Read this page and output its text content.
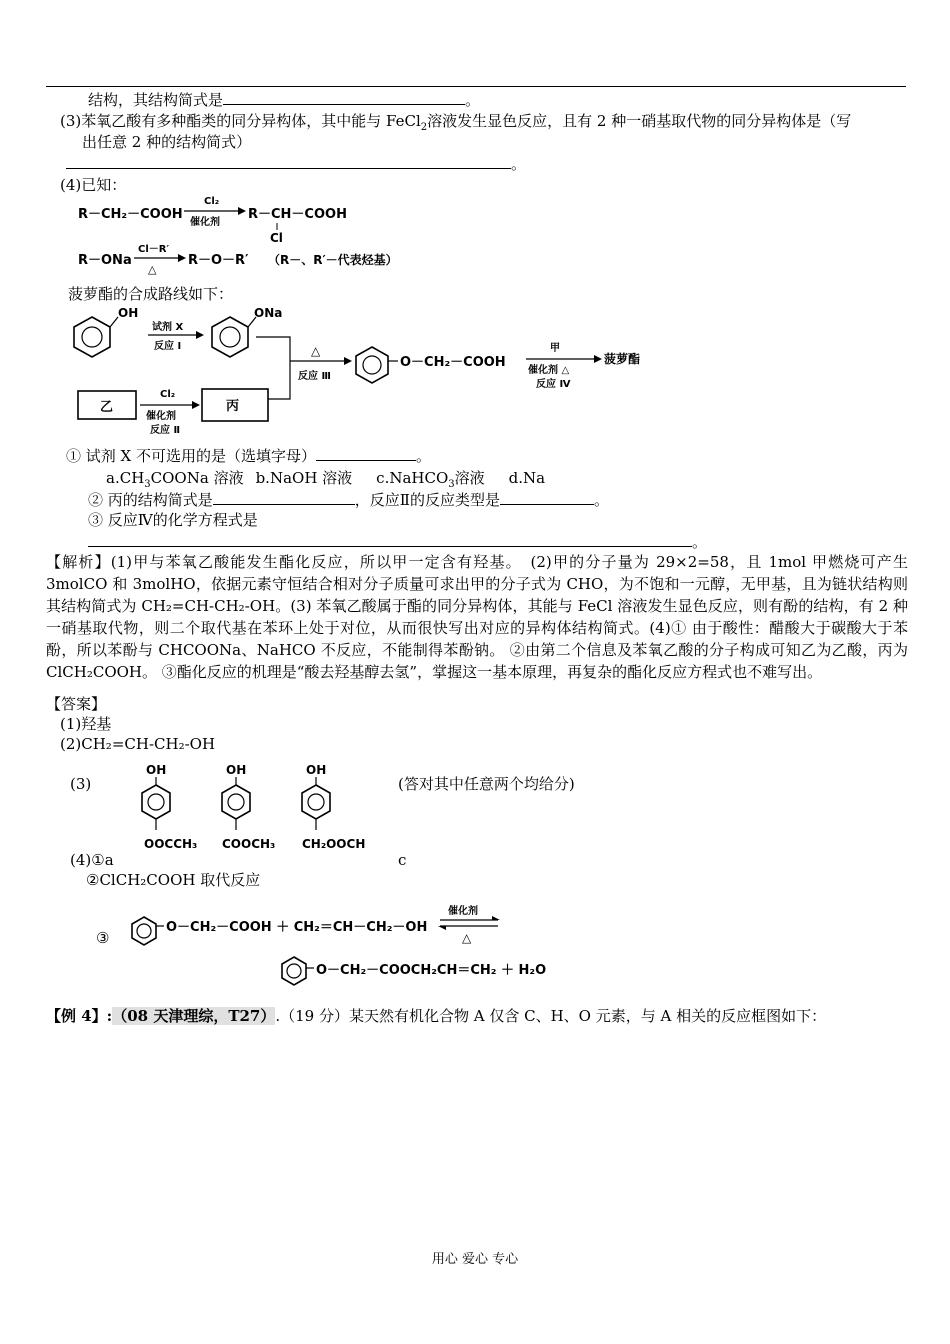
结构，其结构简式是	。
(3)苯氧乙酸有多种酯类的同分异构体，其中能与 FeCl$_2$溶液发生显色反应，且有 2 种一硝基取代物的同分异构体是（写
出任意 2 种的结构简式）
。
(4)已知：
R－CH₂－COOH
Cl₂
催化剂
R－CH－COOH
Cl
R－ONa
Cl－R′
△
R－O－R′ （R－、R′－代表烃基）
菠萝酯的合成路线如下：
OH
试剂 X
反应 Ⅰ
ONa
△
反应 Ⅲ
O－CH₂－COOH
甲
催化剂 △
反应 Ⅳ
菠萝酯
乙
Cl₂
催化剂
反应 Ⅱ
丙
① 试剂 X 不可选用的是（选填字母）	。
$a.CH_3COONa$ 溶液 b.NaOH 溶液 c.NaHCO$_3$溶液 d.Na
② 丙的结构简式是	，反应Ⅱ的反应类型是	。
③ 反应Ⅳ的化学方程式是
。
【解析】(1)甲与苯氧乙酸能发生酯化反应，所以甲一定含有羟基。　(2)甲的分子量为 29×2=58，且 1mol 甲燃烧可产生 3molCO 和 3molHO，依据元素守恒结合相对分子质量可求出甲的分子式为 CHO，为不饱和一元醇，无甲基，且为链状结构则其结构简式为 CH₂=CH-CH₂-OH。(3) 苯氧乙酸属于酯的同分异构体，其能与 FeCl 溶液发生显色反应，则有酚的结构，有 2 种一硝基取代物，则二个取代基在苯环上处于对位，从而很快写出对应的异构体结构简式。(4)① 由于酸性：醋酸大于碳酸大于苯酚，所以苯酚与 CHCOONa、NaHCO 不反应，不能制得苯酚钠。 ②由第二个信息及苯氧乙酸的分子构成可知乙为乙酸，丙为 ClCH₂COOH。 ③酯化反应的机理是“酸去羟基醇去氢”，掌握这一基本原理，再复杂的酯化反应方程式也不难写出。
【答案】
(1)羟基
(2)CH₂=CH-CH₂-OH
(3)
OH
OOCCH₃
OH
COOCH₃
OH
CH₂OOCH
(答对其中任意两个均给分)
(4)①a	c
②ClCH₂COOH 取代反应
③
O－CH₂－COOH ＋ CH₂＝CH－CH₂－OH
催化剂
△
O－CH₂－COOCH₂CH＝CH₂ ＋ H₂O
【例 4】:（08 天津理综，T27）.（19 分）某天然有机化合物 A 仅含 C、H、O 元素，与 A 相关的反应框图如下：
用心 爱心 专心
